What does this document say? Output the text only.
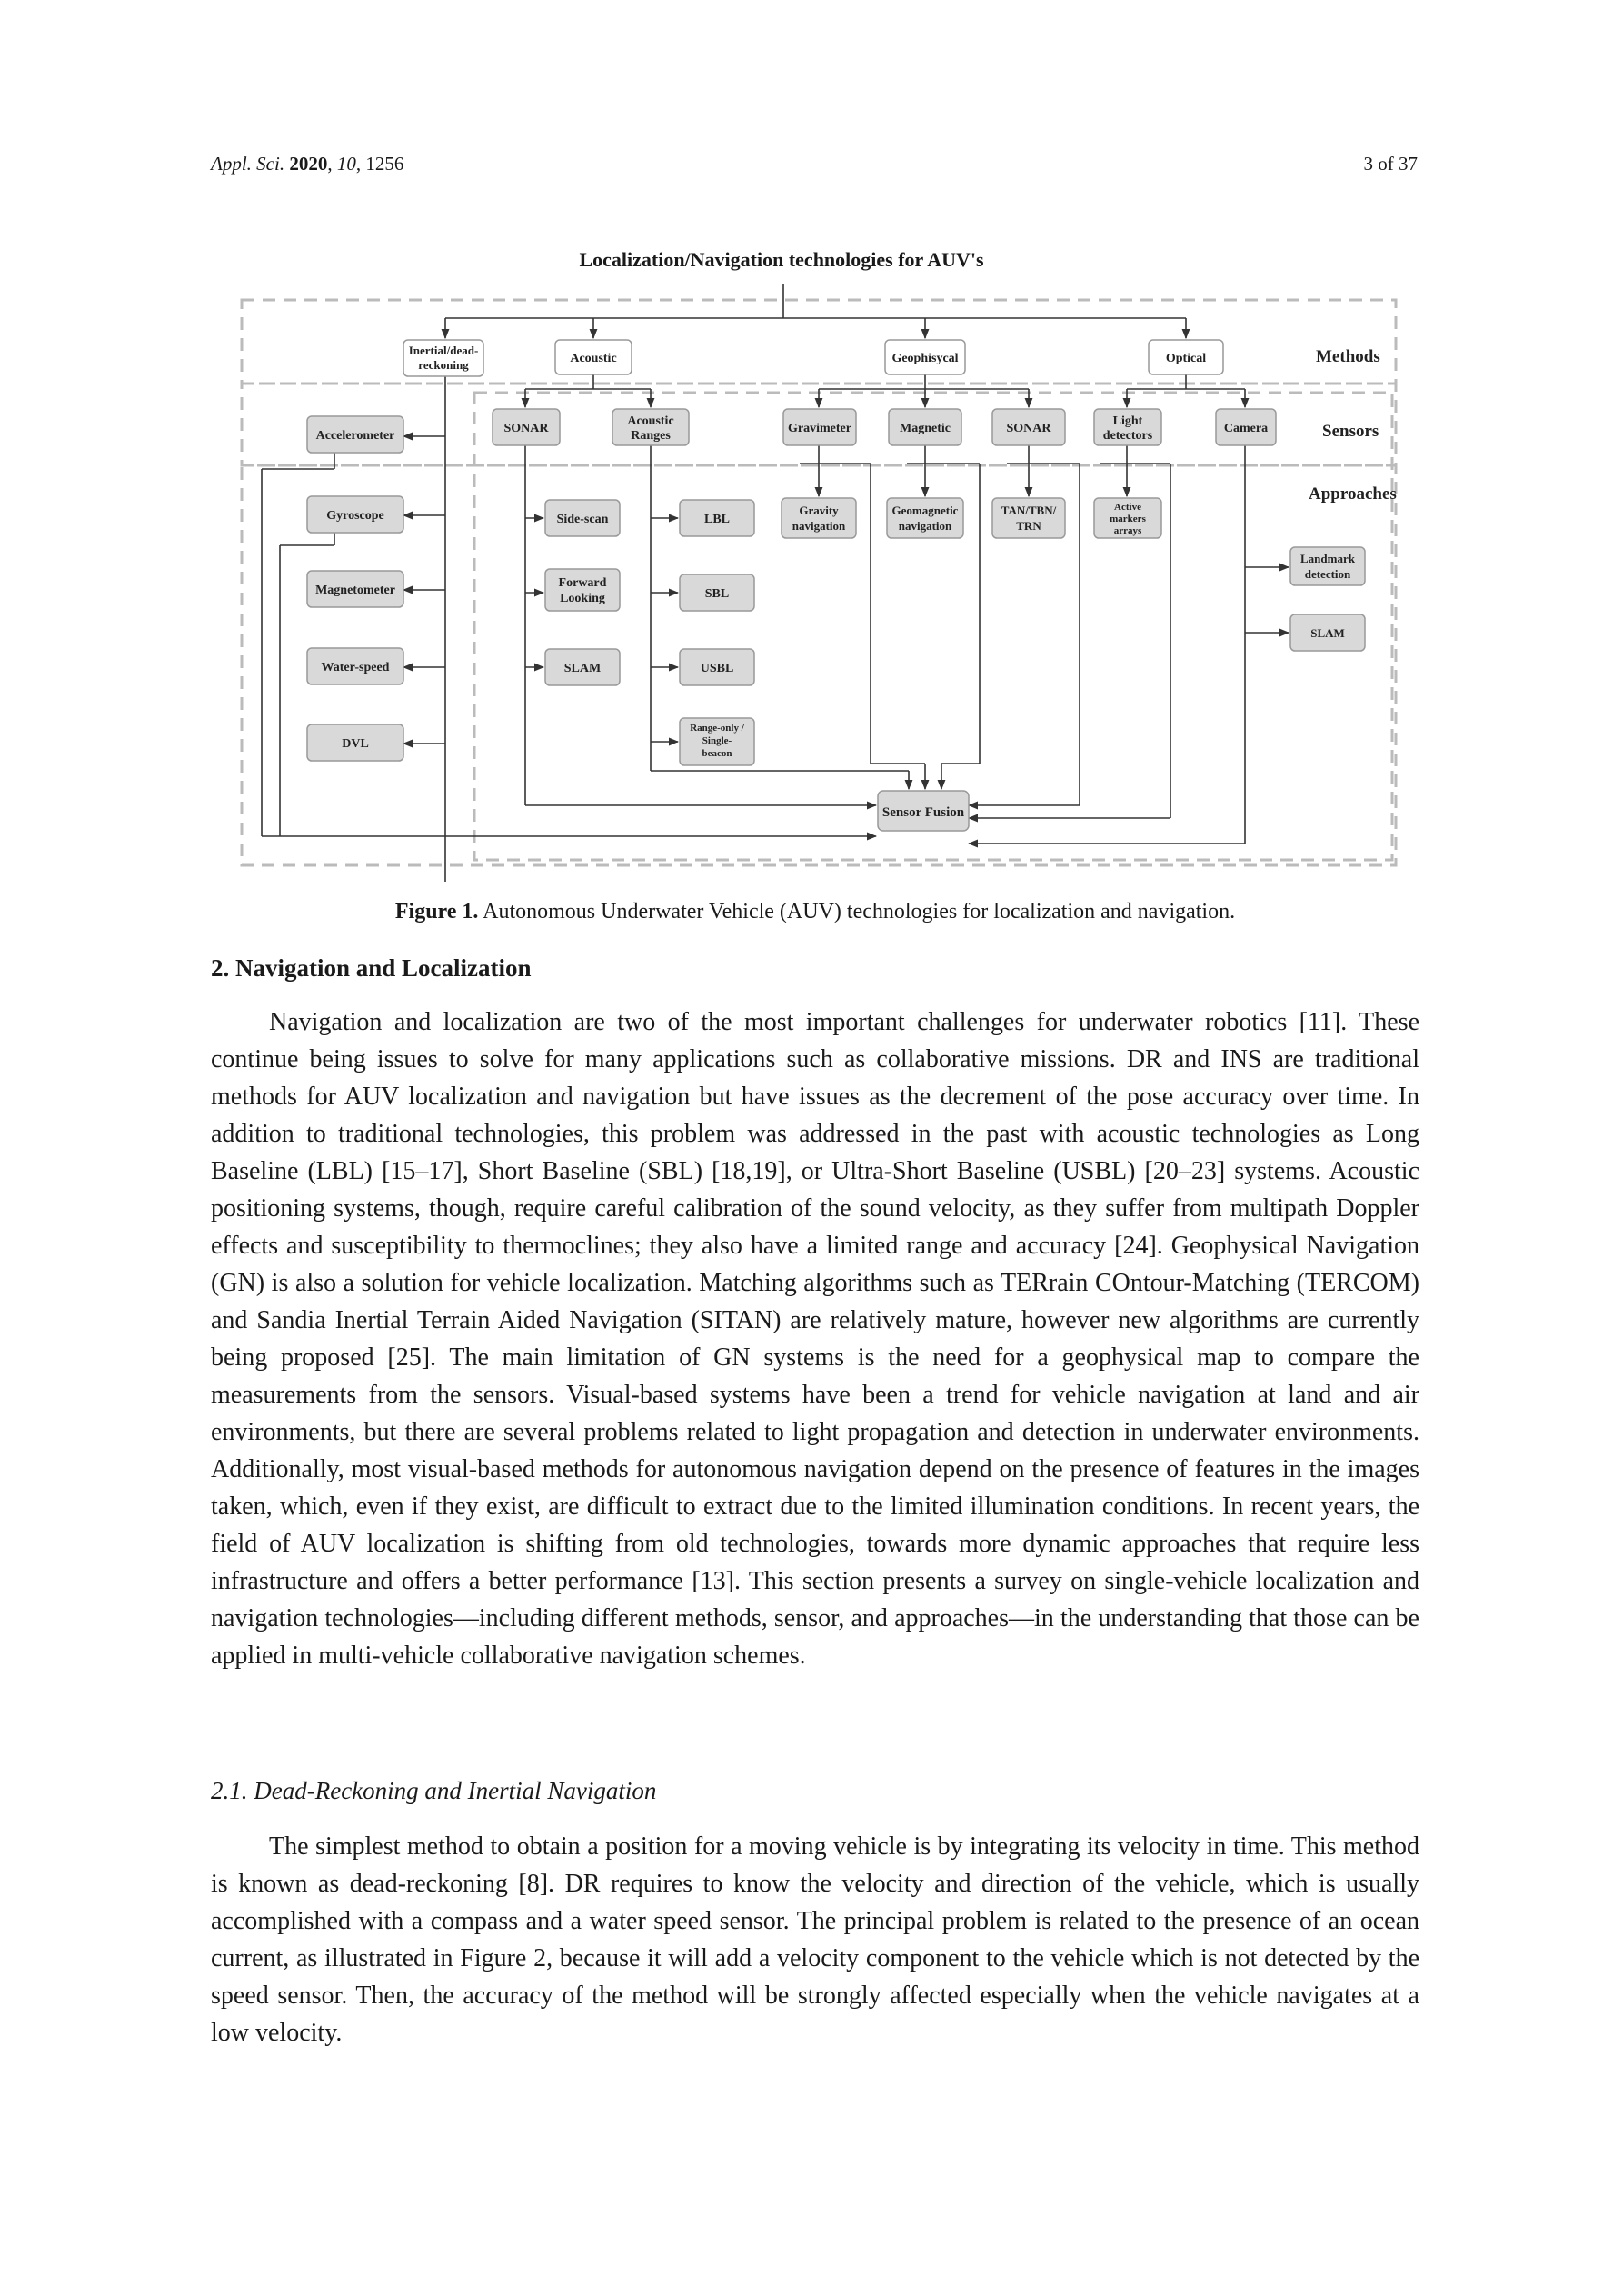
Appl. Sci. 2020, 10, 1256	3 of 37
Localization/Navigation technologies for AUV's
Inertial/dead-
reckoning	Acoustic	Geophisycal	Optical
Accelerometer
SONAR
Acoustic
Ranges
Gravimeter	Magnetic	SONAR
Light
detectors
Camera
Gyroscope
Magnetometer
Water-speed
DVL
Side-scan
Forward
Looking
SLAM
LBL
SBL
USBL
Range-only /
Single-
beacon
Gravity
navigation
Geomagnetic
navigation
TAN/TBN/
TRN
Active
markers
arrays
Landmark
detection
SLAM
Sensor Fusion
Methods
Sensors
Approaches
Figure 1. Autonomous Underwater Vehicle (AUV) technologies for localization and navigation.
2. Navigation and Localization

Navigation and localization are two of the most important challenges for underwater robotics [11]. These continue being issues to solve for many applications such as collaborative missions. DR and INS are traditional methods for AUV localization and navigation but have issues as the decrement of the pose accuracy over time. In addition to traditional technologies, this problem was addressed in the past with acoustic technologies as Long Baseline (LBL) [15–17], Short Baseline (SBL) [18,19], or Ultra-Short Baseline (USBL) [20–23] systems. Acoustic positioning systems, though, require careful calibration of the sound velocity, as they suffer from multipath Doppler effects and susceptibility to thermoclines; they also have a limited range and accuracy [24]. Geophysical Navigation (GN) is also a solution for vehicle localization. Matching algorithms such as TERrain COntour-Matching (TERCOM) and Sandia Inertial Terrain Aided Navigation (SITAN) are relatively mature, however new algorithms are currently being proposed [25]. The main limitation of GN systems is the need for a geophysical map to compare the measurements from the sensors. Visual-based systems have been a trend for vehicle navigation at land and air environments, but there are several problems related to light propagation and detection in underwater environments. Additionally, most visual-based methods for autonomous navigation depend on the presence of features in the images taken, which, even if they exist, are difficult to extract due to the limited illumination conditions. In recent years, the field of AUV localization is shifting from old technologies, towards more dynamic approaches that require less infrastructure and offers a better performance [13]. This section presents a survey on single-vehicle localization and navigation technologies—including different methods, sensor, and approaches—in the understanding that those can be applied in multi-vehicle collaborative navigation schemes.

2.1. Dead-Reckoning and Inertial Navigation

The simplest method to obtain a position for a moving vehicle is by integrating its velocity in time. This method is known as dead-reckoning [8]. DR requires to know the velocity and direction of the vehicle, which is usually accomplished with a compass and a water speed sensor. The principal problem is related to the presence of an ocean current, as illustrated in Figure 2, because it will add a velocity component to the vehicle which is not detected by the speed sensor. Then, the accuracy of the method will be strongly affected especially when the vehicle navigates at a low velocity.
